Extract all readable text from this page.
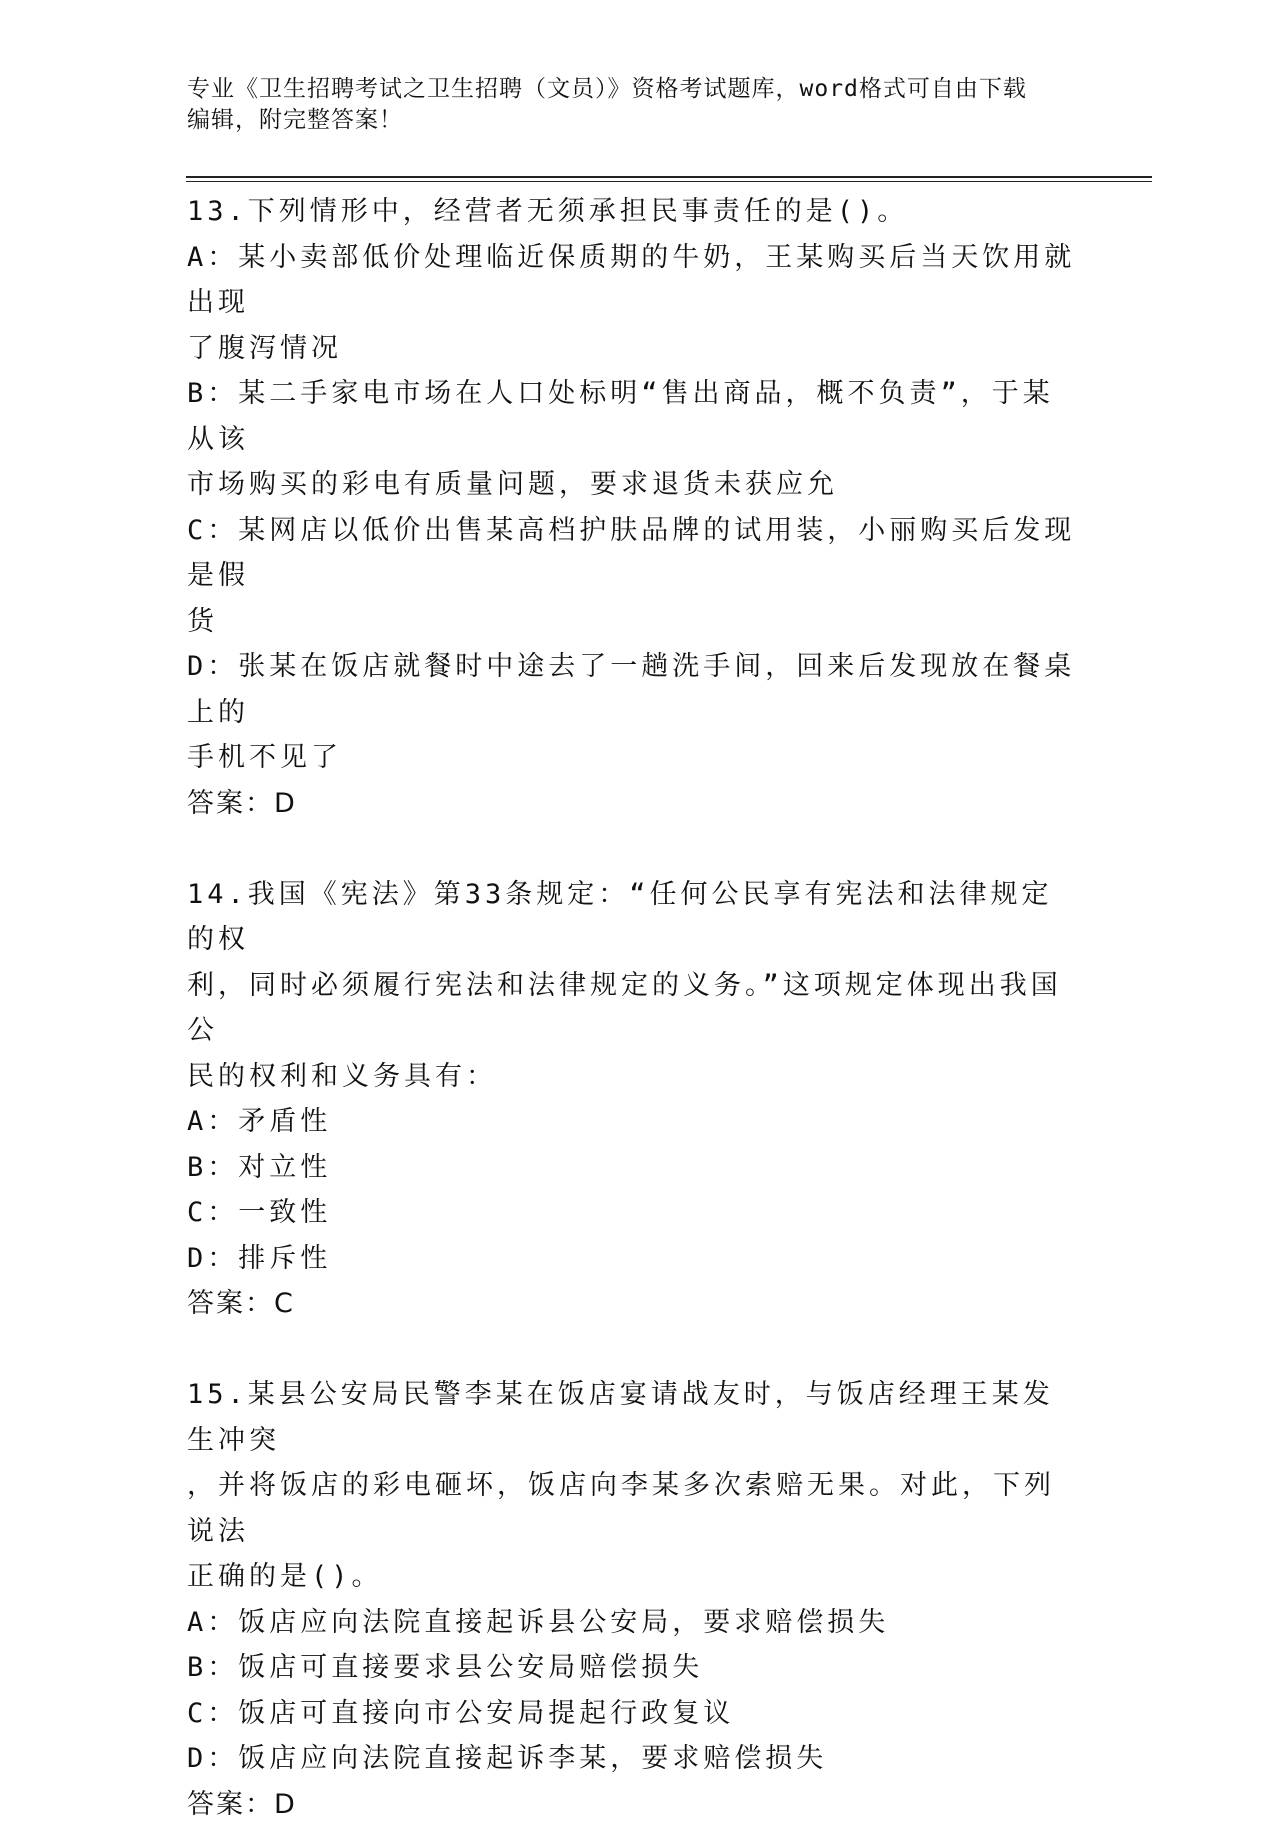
专业《卫生招聘考试之卫生招聘（文员）》资格考试题库，word格式可自由下载
编辑，附完整答案！
13.下列情形中，经营者无须承担民事责任的是()。
A：某小卖部低价处理临近保质期的牛奶，王某购买后当天饮用就出现
了腹泻情况
B：某二手家电市场在人口处标明“售出商品，概不负责”，于某从该
市场购买的彩电有质量问题，要求退货未获应允
C：某网店以低价出售某高档护肤品牌的试用装，小丽购买后发现是假
货
D：张某在饭店就餐时中途去了一趟洗手间，回来后发现放在餐桌上的
手机不见了
答案：D
14.我国《宪法》第33条规定：“任何公民享有宪法和法律规定的权
利，同时必须履行宪法和法律规定的义务。”这项规定体现出我国公
民的权利和义务具有：
A：矛盾性
B：对立性
C：一致性
D：排斥性
答案：C
15.某县公安局民警李某在饭店宴请战友时，与饭店经理王某发生冲突
，并将饭店的彩电砸坏，饭店向李某多次索赔无果。对此，下列说法
正确的是()。
A：饭店应向法院直接起诉县公安局，要求赔偿损失
B：饭店可直接要求县公安局赔偿损失
C：饭店可直接向市公安局提起行政复议
D：饭店应向法院直接起诉李某，要求赔偿损失
答案：D
